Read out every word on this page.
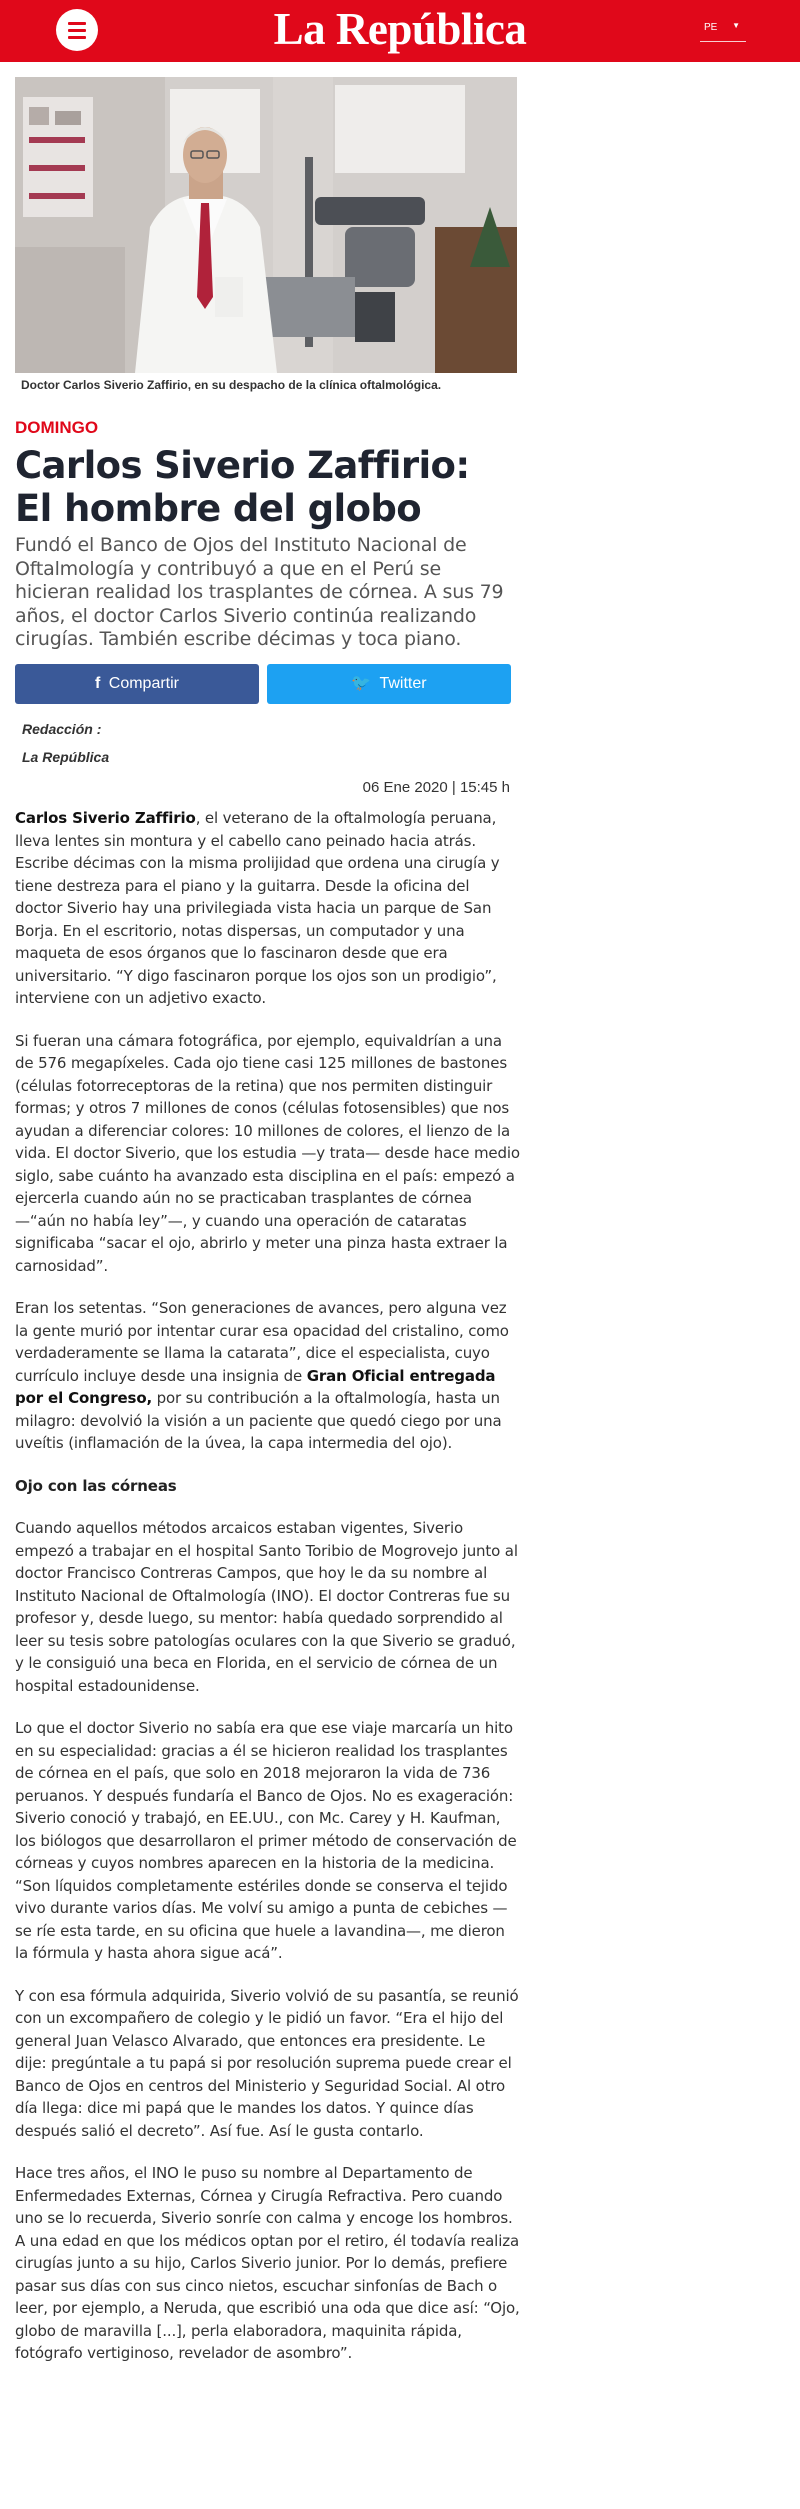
La República	PE ▼

Doctor Carlos Siverio Zaffirio, en su despacho de la clínica oftalmológica.

DOMINGO
Carlos Siverio Zaffirio: El hombre del globo

Fundó el Banco de Ojos del Instituto Nacional de Oftalmología y contribuyó a que en el Perú se hicieran realidad los trasplantes de córnea. A sus 79 años, el doctor Carlos Siverio continúa realizando cirugías. También escribe décimas y toca piano.

f Compartir	🐦 Twitter
Redacción :
La República
06 Ene 2020 | 15:45 h

Carlos Siverio Zaffirio, el veterano de la oftalmología peruana, lleva lentes sin montura y el cabello cano peinado hacia atrás. Escribe décimas con la misma prolijidad que ordena una cirugía y tiene destreza para el piano y la guitarra. Desde la oficina del doctor Siverio hay una privilegiada vista hacia un parque de San Borja. En el escritorio, notas dispersas, un computador y una maqueta de esos órganos que lo fascinaron desde que era universitario. “Y digo fascinaron porque los ojos son un prodigio”, interviene con un adjetivo exacto.

Si fueran una cámara fotográfica, por ejemplo, equivaldrían a una de 576 megapíxeles. Cada ojo tiene casi 125 millones de bastones (células fotorreceptoras de la retina) que nos permiten distinguir formas; y otros 7 millones de conos (células fotosensibles) que nos ayudan a diferenciar colores: 10 millones de colores, el lienzo de la vida. El doctor Siverio, que los estudia —y trata— desde hace medio siglo, sabe cuánto ha avanzado esta disciplina en el país: empezó a ejercerla cuando aún no se practicaban trasplantes de córnea —“aún no había ley”—, y cuando una operación de cataratas significaba “sacar el ojo, abrirlo y meter una pinza hasta extraer la carnosidad”.

Eran los setentas. “Son generaciones de avances, pero alguna vez la gente murió por intentar curar esa opacidad del cristalino, como verdaderamente se llama la catarata”, dice el especialista, cuyo currículo incluye desde una insignia de Gran Oficial entregada por el Congreso, por su contribución a la oftalmología, hasta un milagro: devolvió la visión a un paciente que quedó ciego por una uveítis (inflamación de la úvea, la capa intermedia del ojo).

Ojo con las córneas

Cuando aquellos métodos arcaicos estaban vigentes, Siverio empezó a trabajar en el hospital Santo Toribio de Mogrovejo junto al doctor Francisco Contreras Campos, que hoy le da su nombre al Instituto Nacional de Oftalmología (INO). El doctor Contreras fue su profesor y, desde luego, su mentor: había quedado sorprendido al leer su tesis sobre patologías oculares con la que Siverio se graduó, y le consiguió una beca en Florida, en el servicio de córnea de un hospital estadounidense.

Lo que el doctor Siverio no sabía era que ese viaje marcaría un hito en su especialidad: gracias a él se hicieron realidad los trasplantes de córnea en el país, que solo en 2018 mejoraron la vida de 736 peruanos. Y después fundaría el Banco de Ojos. No es exageración: Siverio conoció y trabajó, en EE.UU., con Mc. Carey y H. Kaufman, los biólogos que desarrollaron el primer método de conservación de córneas y cuyos nombres aparecen en la historia de la medicina. “Son líquidos completamente estériles donde se conserva el tejido vivo durante varios días. Me volví su amigo a punta de cebiches —se ríe esta tarde, en su oficina que huele a lavandina—, me dieron la fórmula y hasta ahora sigue acá”.

Y con esa fórmula adquirida, Siverio volvió de su pasantía, se reunió con un excompañero de colegio y le pidió un favor. “Era el hijo del general Juan Velasco Alvarado, que entonces era presidente. Le dije: pregúntale a tu papá si por resolución suprema puede crear el Banco de Ojos en centros del Ministerio y Seguridad Social. Al otro día llega: dice mi papá que le mandes los datos. Y quince días después salió el decreto”. Así fue. Así le gusta contarlo.

Hace tres años, el INO le puso su nombre al Departamento de Enfermedades Externas, Córnea y Cirugía Refractiva. Pero cuando uno se lo recuerda, Siverio sonríe con calma y encoge los hombros. A una edad en que los médicos optan por el retiro, él todavía realiza cirugías junto a su hijo, Carlos Siverio junior. Por lo demás, prefiere pasar sus días con sus cinco nietos, escuchar sinfonías de Bach o leer, por ejemplo, a Neruda, que escribió una oda que dice así: “Ojo, globo de maravilla [...], perla elaboradora, maquinita rápida, fotógrafo vertiginoso, revelador de asombro”.
